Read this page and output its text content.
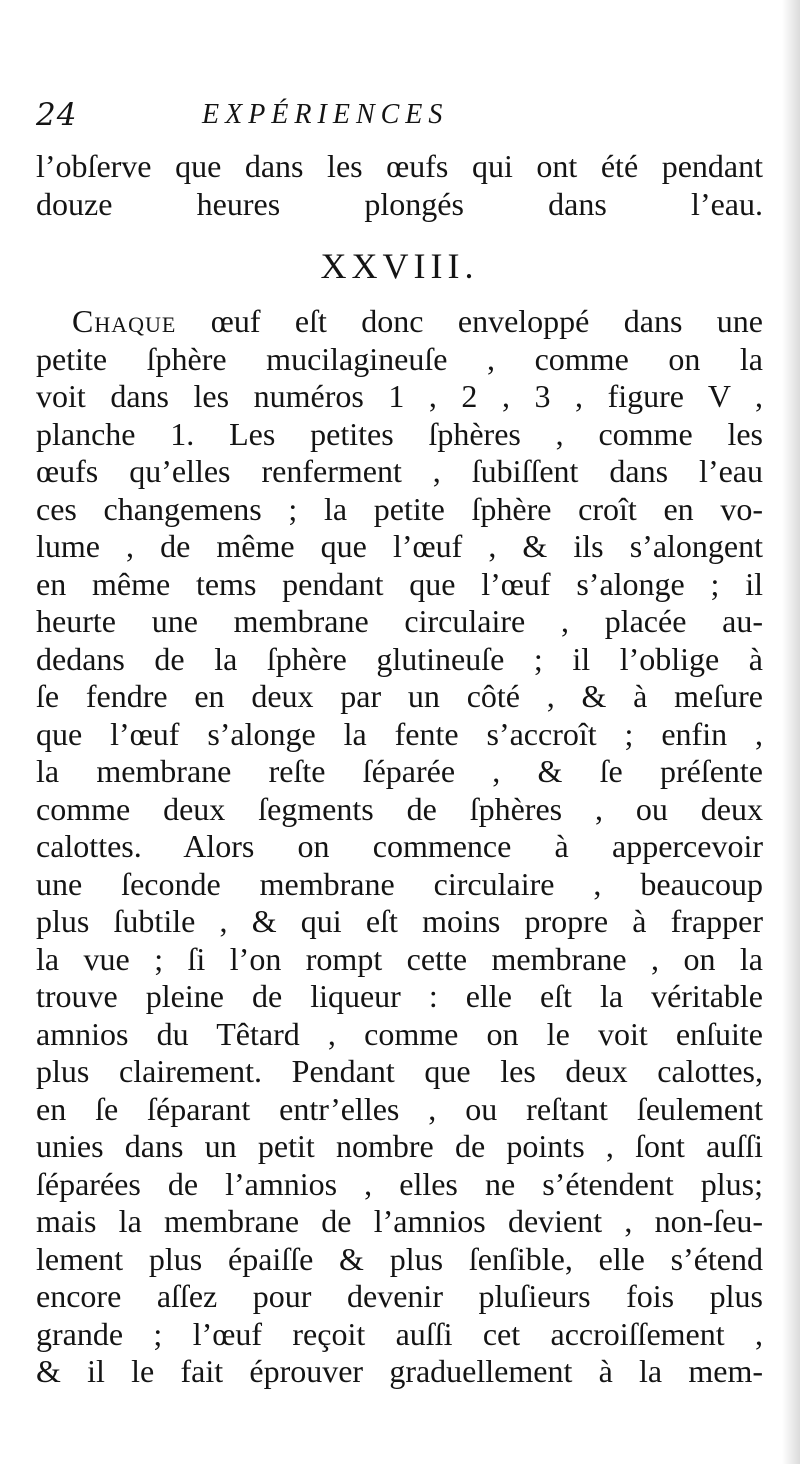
24	EXPÉRIENCES
l’obſerve que dans les œufs qui ont été pendant
douze heures plongés dans l’eau.
XXVIII.
Chaque œuf eſt donc enveloppé dans une
petite ſphère mucilagineuſe , comme on la
voit dans les numéros 1 , 2 , 3 , figure V ,
planche 1. Les petites ſphères , comme les
œufs qu’elles renferment , ſubiſſent dans l’eau
ces changemens ; la petite ſphère croît en vo-
lume , de même que l’œuf , & ils s’alongent
en même tems pendant que l’œuf s’alonge ; il
heurte une membrane circulaire , placée au-
dedans de la ſphère glutineuſe ; il l’oblige à
ſe fendre en deux par un côté , & à meſure
que l’œuf s’alonge la fente s’accroît ; enfin ,
la membrane reſte ſéparée , & ſe préſente
comme deux ſegments de ſphères , ou deux
calottes. Alors on commence à appercevoir
une ſeconde membrane circulaire , beaucoup
plus ſubtile , & qui eſt moins propre à frapper
la vue ; ſi l’on rompt cette membrane , on la
trouve pleine de liqueur : elle eſt la véritable
amnios du Têtard , comme on le voit enſuite
plus clairement. Pendant que les deux calottes,
en ſe ſéparant entr’elles , ou reſtant ſeulement
unies dans un petit nombre de points , ſont auſſi
ſéparées de l’amnios , elles ne s’étendent plus;
mais la membrane de l’amnios devient , non-ſeu-
lement plus épaiſſe & plus ſenſible, elle s’étend
encore aſſez pour devenir pluſieurs fois plus
grande ; l’œuf reçoit auſſi cet accroiſſement ,
& il le fait éprouver graduellement à la mem-
